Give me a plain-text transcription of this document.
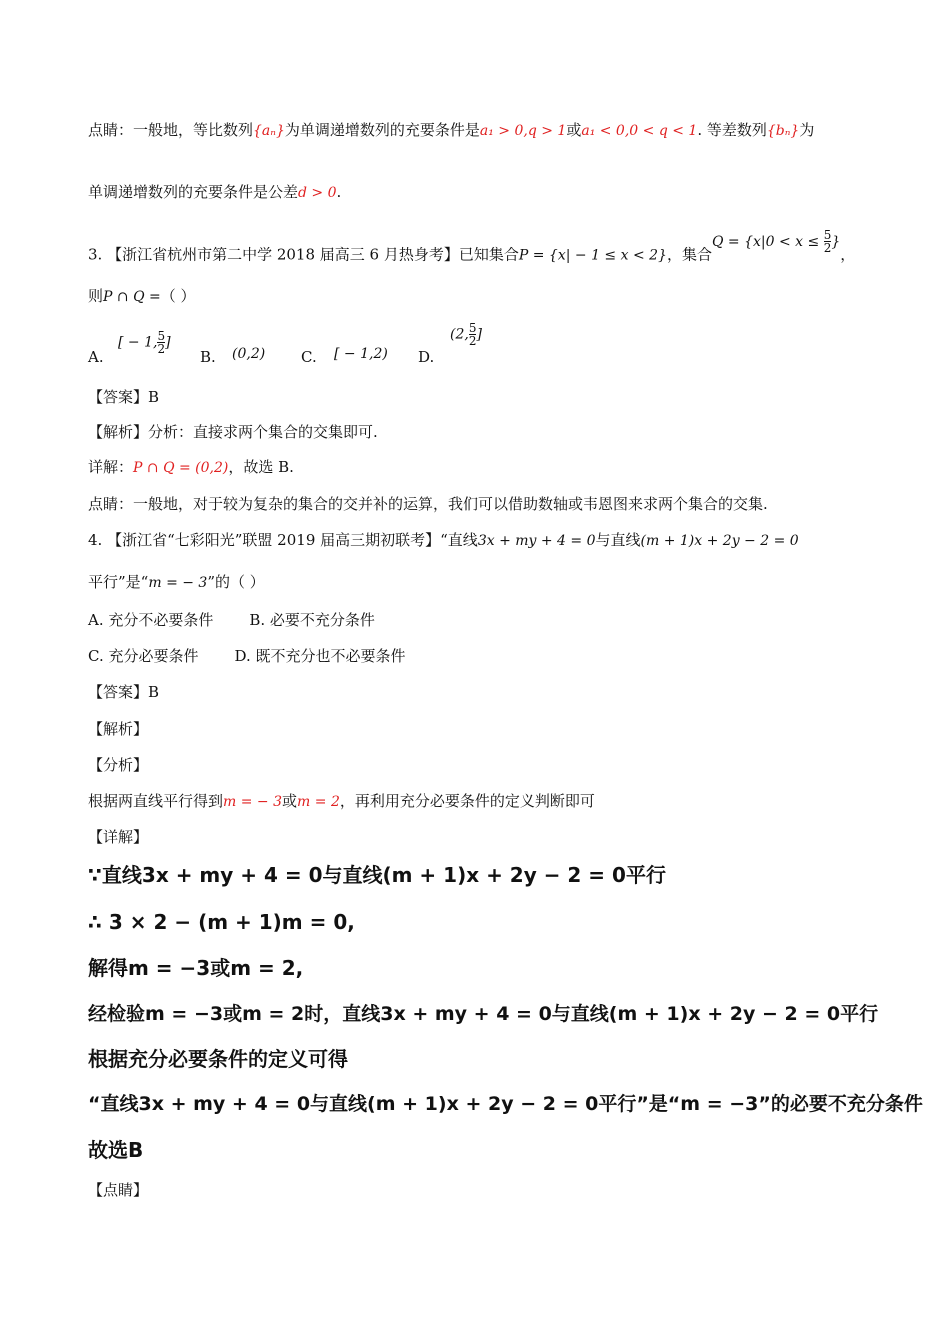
点睛：一般地，等比数列{aₙ}为单调递增数列的充要条件是a₁ > 0,q > 1或a₁ < 0,0 < q < 1. 等差数列{bₙ}为
单调递增数列的充要条件是公差d > 0.
3. 【浙江省杭州市第二中学 2018 届高三 6 月热身考】已知集合P = {x| − 1 ≤ x < 2}，集合$Q = \{x|0 < x \le \frac{5}{2}$ }，
则P ∩ Q =（ ）
A.
[ − 1, $\frac{5}{2}$ ]
B. (0,2) C. [ − 1,2) D.
(2, $\frac{5}{2}$ ]
【答案】B
【解析】分析：直接求两个集合的交集即可.
详解：P ∩ Q = (0,2)，故选 B.
点睛：一般地，对于较为复杂的集合的交并补的运算，我们可以借助数轴或韦恩图来求两个集合的交集.
4. 【浙江省“七彩阳光”联盟 2019 届高三期初联考】“直线3x + my + 4 = 0与直线(m + 1)x + 2y − 2 = 0
平行”是“m = − 3”的（ ）
A. 充分不必要条件 B. 必要不充分条件
C. 充分必要条件 D. 既不充分也不必要条件
【答案】B
【解析】
【分析】
根据两直线平行得到m = − 3或m = 2，再利用充分必要条件的定义判断即可
【详解】
∵直线3x + my + 4 = 0与直线(m + 1)x + 2y − 2 = 0平行
∴ 3 × 2 − (m + 1)m = 0,
解得m = −3或m = 2,
经检验m = −3或m = 2时，直线3x + my + 4 = 0与直线(m + 1)x + 2y − 2 = 0平行
根据充分必要条件的定义可得
“直线3x + my + 4 = 0与直线(m + 1)x + 2y − 2 = 0平行”是“m = −3”的必要不充分条件
故选B
【点睛】
